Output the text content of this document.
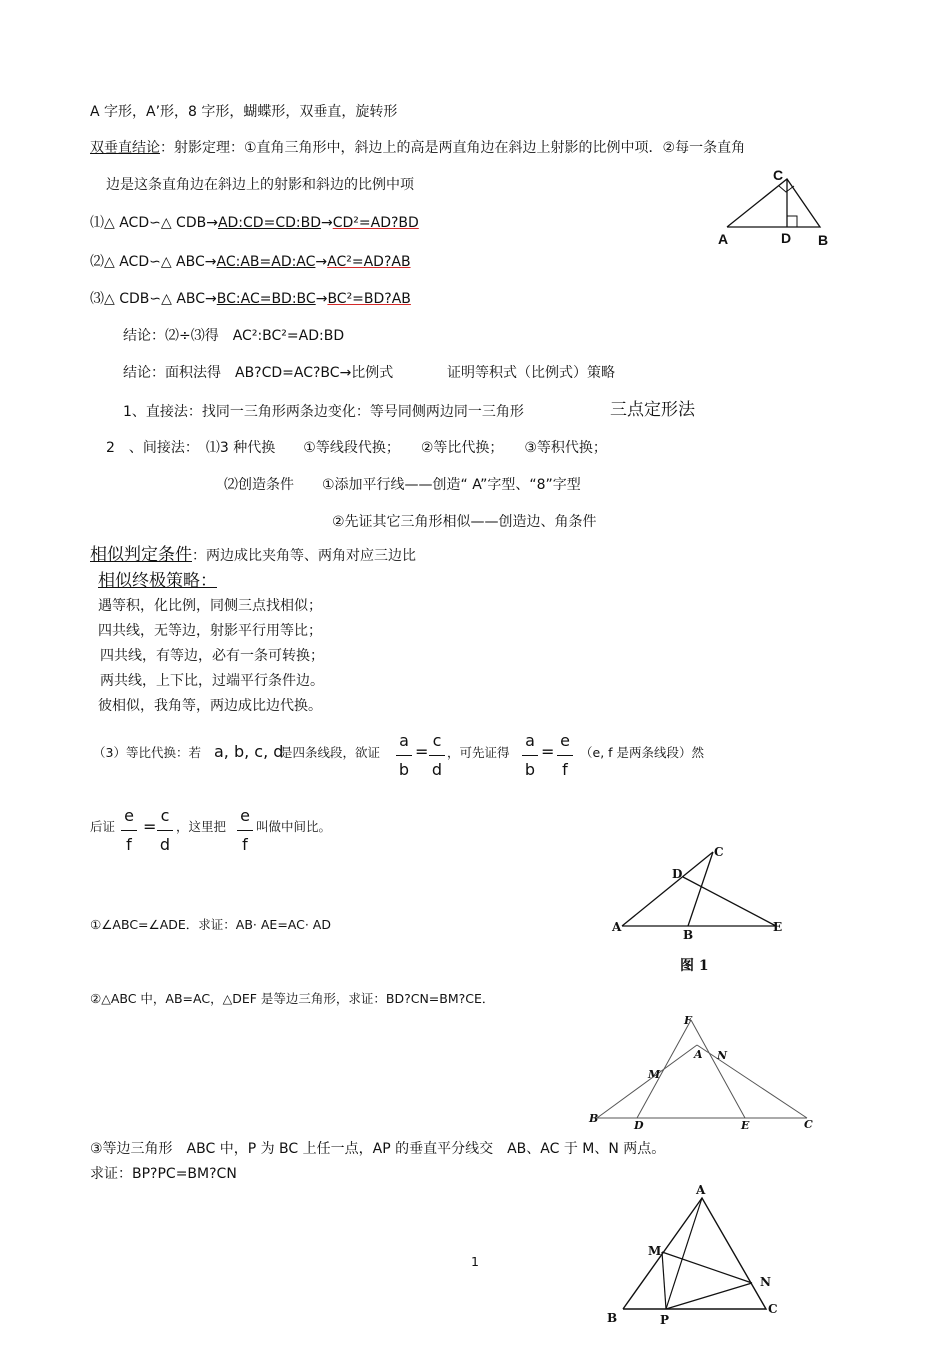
A 字形，A’形，8 字形，蝴蝶形，双垂直，旋转形
双垂直结论：射影定理：①直角三角形中，斜边上的高是两直角边在斜边上射影的比例中项．②每一条直角
边是这条直角边在斜边上的射影和斜边的比例中项
C
A	D B
⑴△ ACD∽△ CDB→AD:CD=CD:BD→CD²=AD?BD
⑵△ ACD∽△ ABC→AC:AB=AD:AC→AC²=AD?AB
⑶△ CDB∽△ ABC→BC:AC=BD:BC→BC²=BD?AB
结论：⑵÷⑶得　AC²:BC²=AD:BD
结论：面积法得　AB?CD=AC?BC→比例式	证明等积式（比例式）策略
1、直接法：找同一三角形两条边变化：等号同侧两边同一三角形	三点定形法
2　、间接法：　⑴3 种代换　　①等线段代换；　　②等比代换；　　③等积代换；
⑵创造条件　　①添加平行线——创造“ A”字型、“8”字型
②先证其它三角形相似——创造边、角条件
相似判定条件：两边成比夹角等、两角对应三边比
相似终极策略：
遇等积，化比例，同侧三点找相似；
四共线，无等边，射影平行用等比；
四共线，有等边，必有一条可转换；
两共线，上下比，过端平行条件边。
彼相似，我角等，两边成比边代换。
（3）等比代换：若 a, b, c, d
是四条线段，欲证
a
b
=
c
d
，可先证得
a
b
=
e
f
（e, f 是两条线段）然
后证
e
f
=
c
d
，这里把
e
f
叫做中间比。
①∠ABC=∠ADE．求证：AB· AE=AC· AD
C
D
A
B
E
图 1
②△ABC 中，AB=AC，△DEF 是等边三角形，求证：BD?CN=BM?CE．
F
A N
M
B
D	E	C
③等边三角形　ABC 中，P 为 BC 上任一点，AP 的垂直平分线交　AB、AC 于 M、N 两点。
求证：BP?PC=BM?CN
1
A
M
N
B	P
C
